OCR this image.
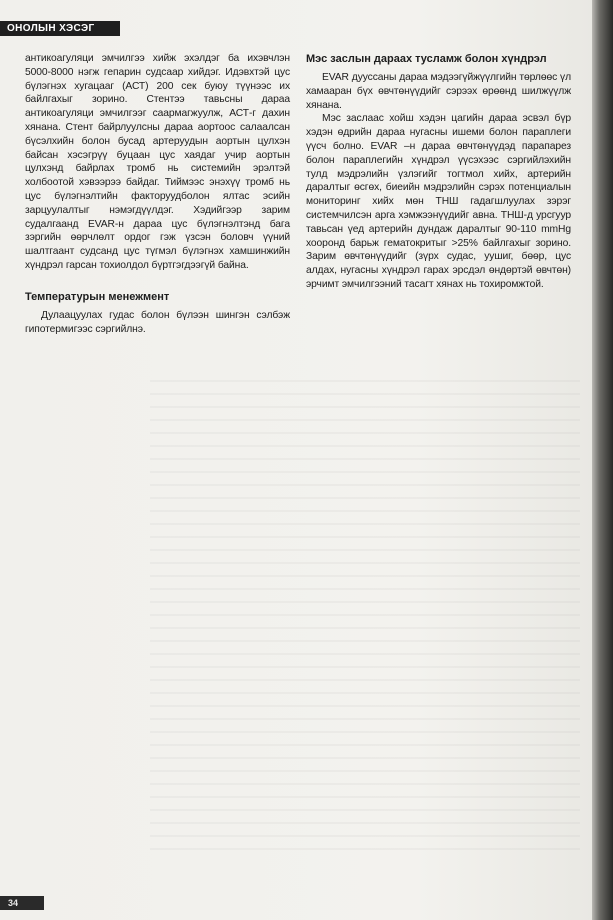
ОНОЛЫН ХЭСЭГ

антикоагуляци эмчилгээ хийж эхэлдэг ба ихэвчлэн 5000-8000 нэгж гепарин судсаар хийдэг. Идэвхтэй цус бүлэгнэх хугацааг (АСТ) 200 сек буюу түүнээс их байлгахыг зорино. Стентээ тавьсны дараа антикоагуляци эмчилгээг саармагжуулж, АСТ-г дахин хянана. Стент байрлуулсны дараа аортоос салаалсан бүсэлхийн болон бусад артеруудын аортын цулхэн байсан хэсэгрүү буцаан цус хаядаг учир аортын цулхэнд байрлах тромб нь системийн эрэлтэй холбоотой хэвээрээ байдаг. Тиймээс энэхүү тромб нь цус бүлэгнэлтийн факторуудболон ялтас эсийн зарцуулалтыг нэмэгдүүлдэг. Хэдийгээр зарим судалгаанд EVAR-н дараа цус бүлэгнэлтэнд бага зэргийн өөрчлөлт ордог гэж үзсэн боловч үүний шалтгаант судсанд цус түгмэл бүлэгнэх хамшинжийн хүндрэл гарсан тохиолдол бүртгэгдээгүй байна.

Температурын менежмент

Дулаацуулах гудас болон бүлээн шингэн сэлбэж гипотермигээс сэргийлнэ.

Мэс заслын дараах тусламж болон хүндрэл

EVAR дууссаны дараа мэдээгүйжүүлгийн төрлөөс үл хамааран бүх өвчтөнүүдийг сэрээх өрөөнд шилжүүлж хянана.

Мэс заслаас хойш хэдэн цагийн дараа эсвэл бүр хэдэн өдрийн дараа нугасны ишеми болон параплеги үүсч болно. EVAR –н дараа өвчтөнүүдэд парапарез болон параплегийн хүндрэл үүсэхээс сэргийлэхийн тулд мэдрэлийн үзлэгийг тогтмол хийх, артерийн даралтыг өсгөх, биеийн мэдрэлийн сэрэх потенциалын мониторинг хийх мөн ТНШ гадагшлуулах зэрэг системчилсэн арга хэмжээнүүдийг авна. ТНШ-д урсгуур тавьсан үед артерийн дундаж даралтыг 90-110 mmHg хооронд барьж гематокритыг >25% байлгахыг зорино. Зарим өвчтөнүүдийг (зүрх судас, уушиг, бөөр, цус алдах, нугасны хүндрэл гарах эрсдэл өндөртэй өвчтөн) эрчимт эмчилгээний тасагт хянах нь тохиромжтой.

34
